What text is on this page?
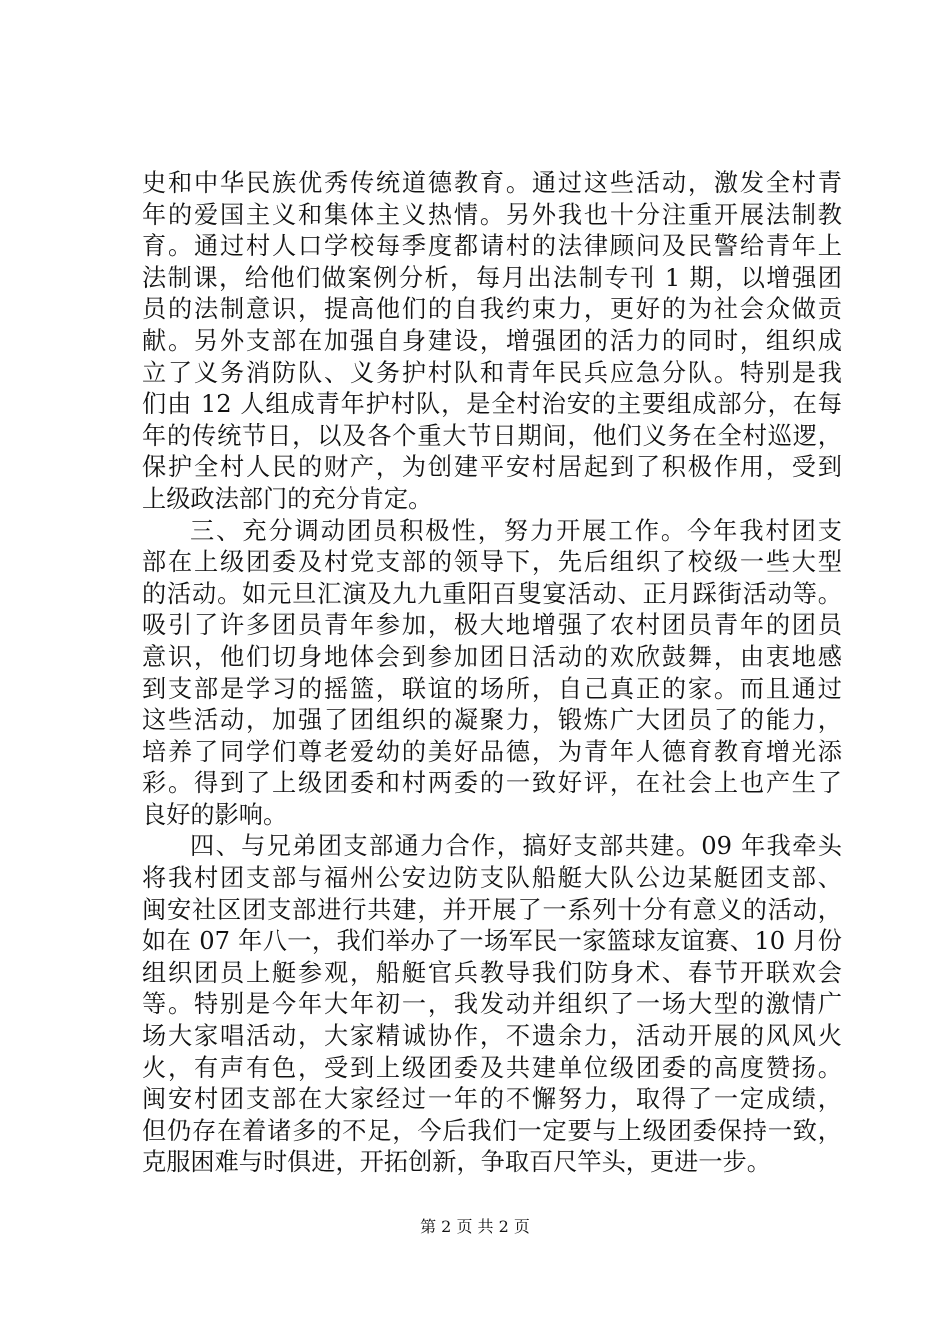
史和中华民族优秀传统道德教育。通过这些活动，激发全村青
年的爱国主义和集体主义热情。另外我也十分注重开展法制教
育。通过村人口学校每季度都请村的法律顾问及民警给青年上
法制课，给他们做案例分析，每月出法制专刊 1 期，以增强团
员的法制意识，提高他们的自我约束力，更好的为社会众做贡
献。另外支部在加强自身建设，增强团的活力的同时，组织成
立了义务消防队、义务护村队和青年民兵应急分队。特别是我
们由 12 人组成青年护村队，是全村治安的主要组成部分，在每
年的传统节日，以及各个重大节日期间，他们义务在全村巡逻，
保护全村人民的财产，为创建平安村居起到了积极作用，受到
上级政法部门的充分肯定。
三、充分调动团员积极性，努力开展工作。今年我村团支
部在上级团委及村党支部的领导下，先后组织了校级一些大型
的活动。如元旦汇演及九九重阳百叟宴活动、正月踩街活动等。
吸引了许多团员青年参加，极大地增强了农村团员青年的团员
意识，他们切身地体会到参加团日活动的欢欣鼓舞，由衷地感
到支部是学习的摇篮，联谊的场所，自己真正的家。而且通过
这些活动，加强了团组织的凝聚力，锻炼广大团员了的能力，
培养了同学们尊老爱幼的美好品德，为青年人德育教育增光添
彩。得到了上级团委和村两委的一致好评，在社会上也产生了
良好的影响。
四、与兄弟团支部通力合作，搞好支部共建。09 年我牵头
将我村团支部与福州公安边防支队船艇大队公边某艇团支部、
闽安社区团支部进行共建，并开展了一系列十分有意义的活动，
如在 07 年八一，我们举办了一场军民一家篮球友谊赛、10 月份
组织团员上艇参观，船艇官兵教导我们防身术、春节开联欢会
等。特别是今年大年初一，我发动并组织了一场大型的激情广
场大家唱活动，大家精诚协作，不遗余力，活动开展的风风火
火，有声有色，受到上级团委及共建单位级团委的高度赞扬。
闽安村团支部在大家经过一年的不懈努力，取得了一定成绩，
但仍存在着诸多的不足，今后我们一定要与上级团委保持一致，
克服困难与时俱进，开拓创新，争取百尺竿头，更进一步。
第 2 页 共 2 页
